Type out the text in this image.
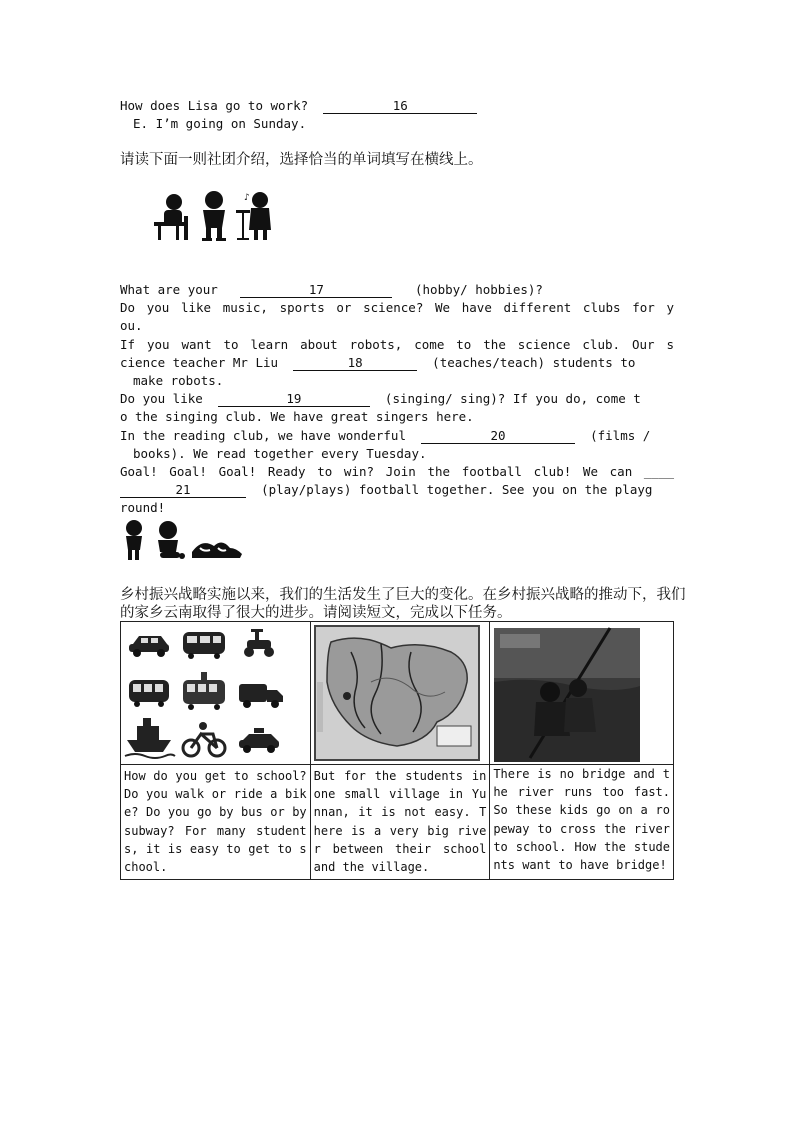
How does Lisa go to work?	16
E. I’m going on Sunday.
请读下面一则社团介绍，选择恰当的单词填写在横线上。
♪
What are your	17	(hobby/ hobbies)?
Do you like music, sports or science? We have different clubs for y
ou.
If you want to learn about robots, come to the science club. Our s
cience teacher Mr Liu	18	(teaches/teach) students to
make robots.
Do you like	19	(singing/ sing)? If you do, come t
o the singing club. We have great singers here.
In the reading club, we have wonderful	20	(films /
books). We read together every Tuesday.
Goal! Goal! Goal! Ready to win? Join the football club! We can ____
21	(play/plays) football together. See you on the playg
round!
乡村振兴战略实施以来，我们的生活发生了巨大的变化。在乡村振兴战略的推动下，我们
的家乡云南取得了很大的进步。请阅读短文，完成以下任务。

How do you get to school? Do you walk or ride a bike? Do you go by bus or by subway? For many students, it is easy to get to school.	But for the students in one small village in Yunnan, it is not easy. There is a very big river between their school and the village.	There is no bridge and the river runs too fast. So these kids go on a ropeway to cross the river to school. How the students want to have bridge!
